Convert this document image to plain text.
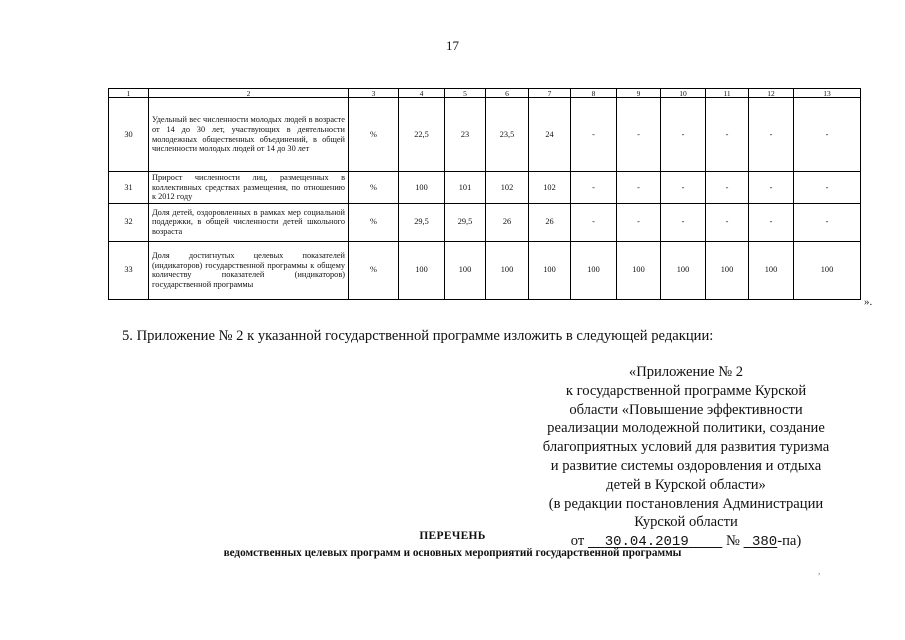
17
1	2	3	4	5	6	7	8	9	10	11	12	13
30	Удельный вес численности молодых людей в возрасте от 14 до 30 лет, участвующих в деятельности молодежных общественных объединений, в общей численности молодых людей от 14 до 30 лет	%	22,5	23	23,5	24	-	-	-	-	-	-
31	Прирост численности лиц, размещенных в коллективных средствах размещения, по отношению к 2012 году	%	100	101	102	102	-	-	-	-	-	-
32	Доля детей, оздоровленных в рамках мер социальной поддержки, в общей численности детей школьного возраста	%	29,5	29,5	26	26	-	-	-	-	-	-
33	Доля достигнутых целевых показателей (индикаторов) государственной программы к общему количеству показателей (индикаторов) государственной программы	%	100	100	100	100	100	100	100	100	100	100
».
5. Приложение № 2 к указанной государственной программе изложить в следующей редакции:
«Приложение № 2
к государственной программе Курской
области «Повышение эффективности
реализации молодежной политики, создание
благоприятных условий для развития туризма
и развитие системы оздоровления и отдыха
детей в Курской области»
(в редакции постановления Администрации
Курской области
от 30.04.2019	№ 380-па)
ПЕРЕЧЕНЬ
ведомственных целевых программ и основных мероприятий государственной программы
,
